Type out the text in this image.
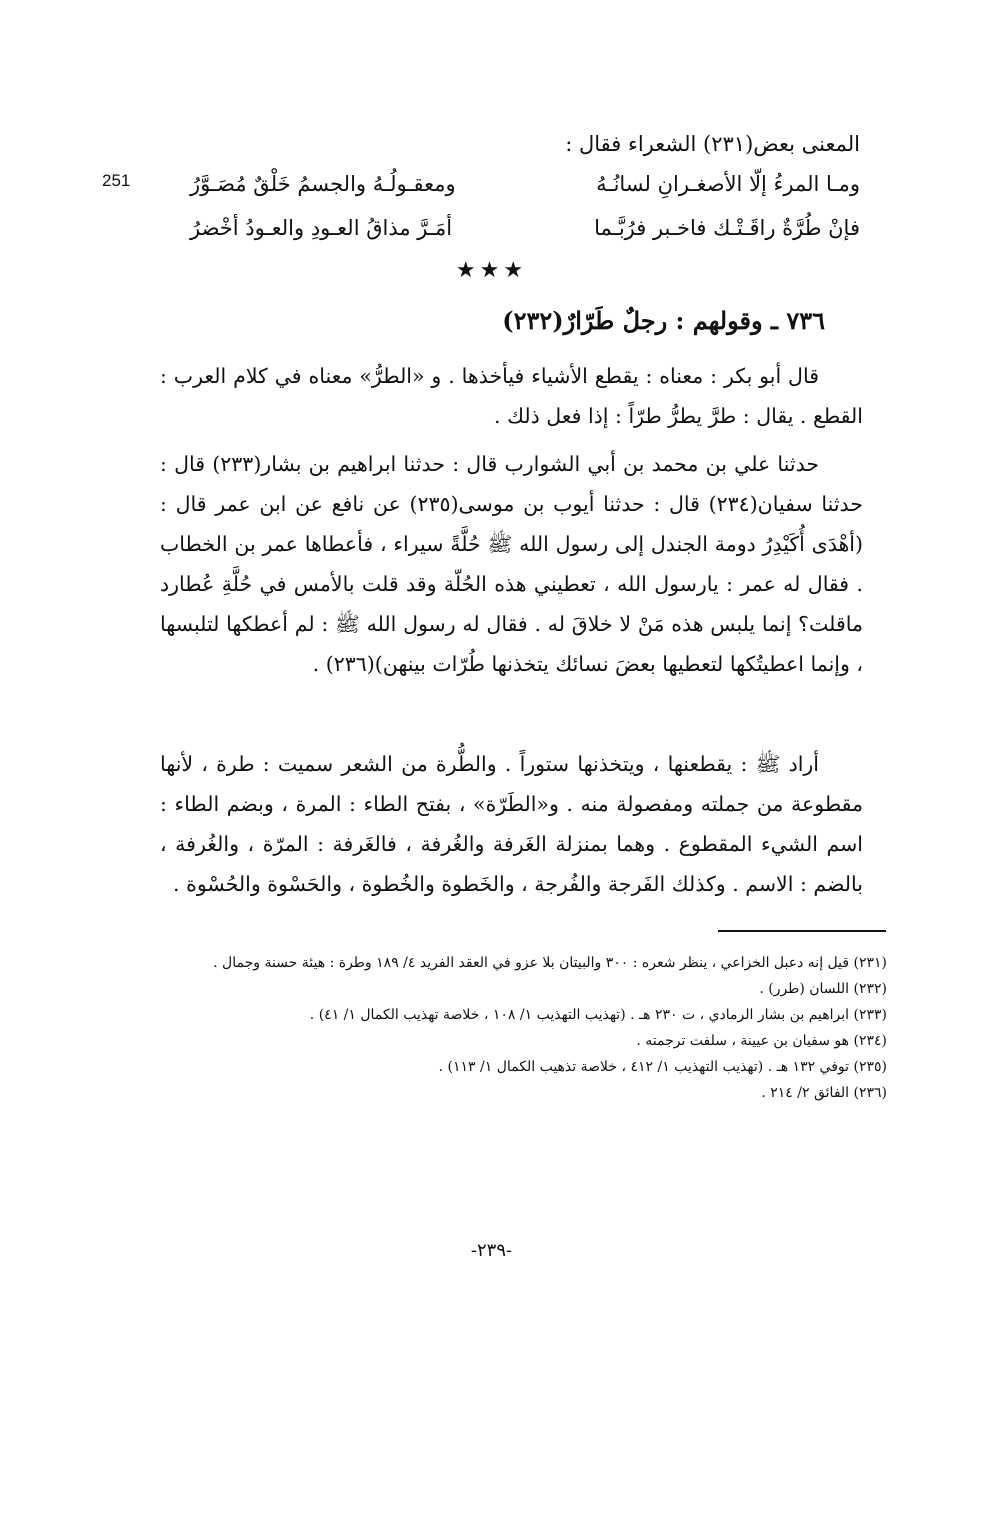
251
المعنى بعض(٢٣١) الشعراء فقال :
ومـا المرءُ إلّا الأصغـرانِ لسانُـهُ
ومعقـولُـهُ والجسمُ خَلْقٌ مُصَـوَّرُ
فإنْ طُرَّةٌ راقَـتْـك فاخـبر فرُبَّـما
أمَـرَّ مذاقُ العـودِ والعـودُ أخْضرُ
★★★
٧٣٦ ـ وقولهم : رجلٌ طَرّارٌ(٢٣٢)
قال أبو بكر : معناه : يقطع الأشياء فيأخذها . و «الطرُّ» معناه في كلام العرب : القطع . يقال : طرَّ يطرُّ طرّاً : إذا فعل ذلك .
حدثنا علي بن محمد بن أبي الشوارب قال : حدثنا ابراهيم بن بشار(٢٣٣) قال : حدثنا سفيان(٢٣٤) قال : حدثنا أيوب بن موسى(٢٣٥) عن نافع عن ابن عمر قال : (أهْدَى أُكَيْدِرُ دومة الجندل إلى رسول الله ﷺ حُلَّةً سيراء ، فأعطاها عمر بن الخطاب . فقال له عمر : يارسول الله ، تعطيني هذه الحُلّة وقد قلت بالأمس في حُلَّةِ عُطارد ماقلت؟ إنما يلبس هذه مَنْ لا خلاقَ له . فقال له رسول الله ﷺ : لم أعطكها لتلبسها ، وإنما اعطيتُكها لتعطيها بعضَ نسائك يتخذنها طُرّات بينهن)(٢٣٦) .
أراد ﷺ : يقطعنها ، ويتخذنها ستوراً . والطُّرة من الشعر سميت : طرة ، لأنها مقطوعة من جملته ومفصولة منه . و«الطَرّة» ، بفتح الطاء : المرة ، وبضم الطاء : اسم الشيء المقطوع . وهما بمنزلة الغَرفة والغُرفة ، فالغَرفة : المرّة ، والغُرفة ، بالضم : الاسم . وكذلك الفَرجة والفُرجة ، والخَطوة والخُطوة ، والحَسْوة والحُسْوة .
(٢٣١) قيل إنه دعبل الخزاعي ، ينظر شعره : ٣٠٠ والبيتان بلا عزو في العقد الفريد ٤/ ١٨٩ وطرة : هيئة حسنة وجمال .
(٢٣٢) اللسان (طرر) .
(٢٣٣) ابراهيم بن بشار الرمادي ، ت ٢٣٠ هـ . (تهذيب التهذيب ١/ ١٠٨ ، خلاصة تهذيب الكمال ١/ ٤١) .
(٢٣٤) هو سفيان بن عيينة ، سلفت ترجمته .
(٢٣٥) توفي ١٣٢ هـ . (تهذيب التهذيب ١/ ٤١٢ ، خلاصة تذهيب الكمال ١/ ١١٣) .
(٢٣٦) الفائق ٢/ ٢١٤ .
-٢٣٩-
